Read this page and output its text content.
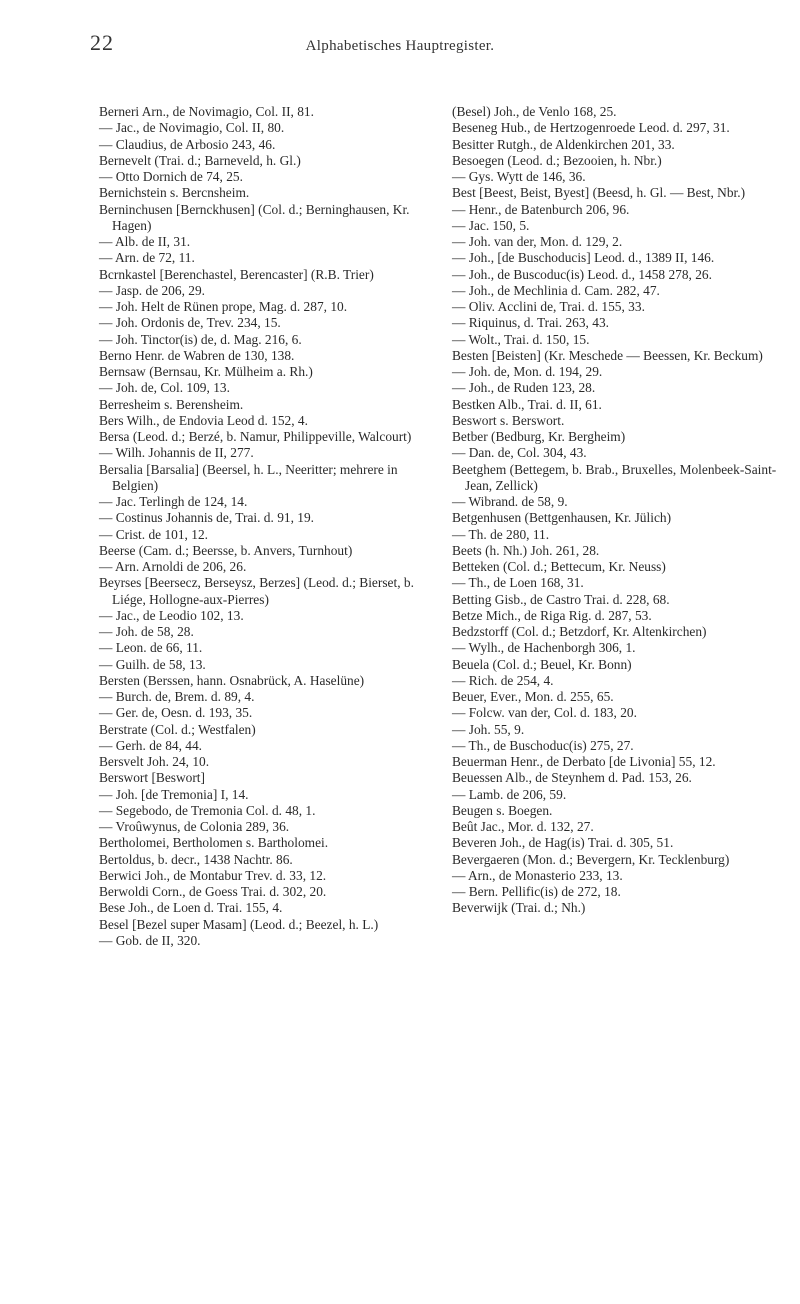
22	Alphabetisches Hauptregister.

Berneri Arn., de Novimagio, Col. II, 81.

— Jac., de Novimagio, Col. II, 80.

— Claudius, de Arbosio 243, 46.

Bernevelt (Trai. d.; Barneveld, h. Gl.)

— Otto Dornich de 74, 25.

Bernichstein s. Bercnsheim.

Berninchusen [Bernckhusen] (Col. d.; Berninghausen, Kr. Hagen)

— Alb. de II, 31.

— Arn. de 72, 11.

Bcrnkastel [Berenchastel, Berencaster] (R.B. Trier)

— Jasp. de 206, 29.

— Joh. Helt de Rünen prope, Mag. d. 287, 10.

— Joh. Ordonis de, Trev. 234, 15.

— Joh. Tinctor(is) de, d. Mag. 216, 6.

Berno Henr. de Wabren de 130, 138.

Bernsaw (Bernsau, Kr. Mülheim a. Rh.)

— Joh. de, Col. 109, 13.

Berresheim s. Berensheim.

Bers Wilh., de Endovia Leod d. 152, 4.

Bersa (Leod. d.; Berzé, b. Namur, Philippeville, Walcourt)

— Wilh. Johannis de II, 277.

Bersalia [Barsalia] (Beersel, h. L., Neeritter; mehrere in Belgien)

— Jac. Terlingh de 124, 14.

— Costinus Johannis de, Trai. d. 91, 19.

— Crist. de 101, 12.

Beerse (Cam. d.; Beersse, b. Anvers, Turnhout)

— Arn. Arnoldi de 206, 26.

Beyrses [Beersecz, Berseysz, Berzes] (Leod. d.; Bierset, b. Liége, Hollogne-aux-Pierres)

— Jac., de Leodio 102, 13.

— Joh. de 58, 28.

— Leon. de 66, 11.

— Guilh. de 58, 13.

Bersten (Berssen, hann. Osnabrück, A. Haselüne)

— Burch. de, Brem. d. 89, 4.

— Ger. de, Oesn. d. 193, 35.

Berstrate (Col. d.; Westfalen)

— Gerh. de 84, 44.

Bersvelt Joh. 24, 10.

Berswort [Beswort]

— Joh. [de Tremonia] I, 14.

— Segebodo, de Tremonia Col. d. 48, 1.

— Vroûwynus, de Colonia 289, 36.

Bertholomei, Bertholomen s. Bartholomei.

Bertoldus, b. decr., 1438 Nachtr. 86.

Berwici Joh., de Montabur Trev. d. 33, 12.

Berwoldi Corn., de Goess Trai. d. 302, 20.

Bese Joh., de Loen d. Trai. 155, 4.

Besel [Bezel super Masam] (Leod. d.; Beezel, h. L.)

— Gob. de II, 320.

(Besel) Joh., de Venlo 168, 25.

Beseneg Hub., de Hertzogenroede Leod. d. 297, 31.

Besitter Rutgh., de Aldenkirchen 201, 33.

Besoegen (Leod. d.; Bezooien, h. Nbr.)

— Gys. Wytt de 146, 36.

Best [Beest, Beist, Byest] (Beesd, h. Gl. — Best, Nbr.)

— Henr., de Batenburch 206, 96.

— Jac. 150, 5.

— Joh. van der, Mon. d. 129, 2.

— Joh., [de Buschoducis] Leod. d., 1389 II, 146.

— Joh., de Buscoduc(is) Leod. d., 1458 278, 26.

— Joh., de Mechlinia d. Cam. 282, 47.

— Oliv. Acclini de, Trai. d. 155, 33.

— Riquinus, d. Trai. 263, 43.

— Wolt., Trai. d. 150, 15.

Besten [Beisten] (Kr. Meschede — Beessen, Kr. Beckum)

— Joh. de, Mon. d. 194, 29.

— Joh., de Ruden 123, 28.

Bestken Alb., Trai. d. II, 61.

Beswort s. Berswort.

Betber (Bedburg, Kr. Bergheim)

— Dan. de, Col. 304, 43.

Beetghem (Bettegem, b. Brab., Bruxelles, Molenbeek-Saint-Jean, Zellick)

— Wibrand. de 58, 9.

Betgenhusen (Bettgenhausen, Kr. Jülich)

— Th. de 280, 11.

Beets (h. Nh.) Joh. 261, 28.

Betteken (Col. d.; Bettecum, Kr. Neuss)

— Th., de Loen 168, 31.

Betting Gisb., de Castro Trai. d. 228, 68.

Betze Mich., de Riga Rig. d. 287, 53.

Bedzstorff (Col. d.; Betzdorf, Kr. Altenkirchen)

— Wylh., de Hachenborgh 306, 1.

Beuela (Col. d.; Beuel, Kr. Bonn)

— Rich. de 254, 4.

Beuer, Ever., Mon. d. 255, 65.

— Folcw. van der, Col. d. 183, 20.

— Joh. 55, 9.

— Th., de Buschoduc(is) 275, 27.

Beuerman Henr., de Derbato [de Livonia] 55, 12.

Beuessen Alb., de Steynhem d. Pad. 153, 26.

— Lamb. de 206, 59.

Beugen s. Boegen.

Beût Jac., Mor. d. 132, 27.

Beveren Joh., de Hag(is) Trai. d. 305, 51.

Bevergaeren (Mon. d.; Bevergern, Kr. Tecklenburg)

— Arn., de Monasterio 233, 13.

— Bern. Pellific(is) de 272, 18.

Beverwijk (Trai. d.; Nh.)
